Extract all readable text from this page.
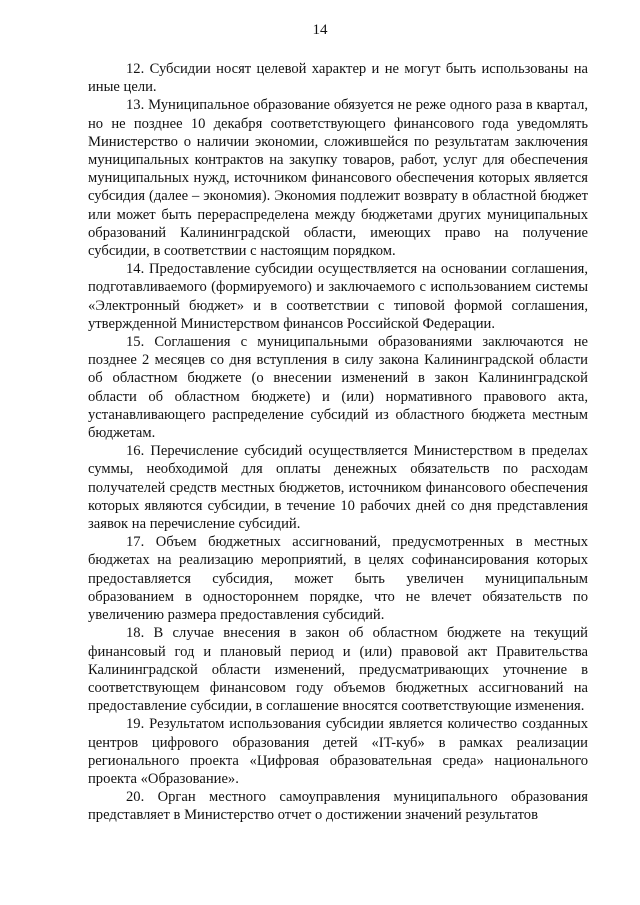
14

12. Субсидии носят целевой характер и не могут быть использованы на иные цели.

13. Муниципальное образование обязуется не реже одного раза в квартал, но не позднее 10 декабря соответствующего финансового года уведомлять Министерство о наличии экономии, сложившейся по результатам заключения муниципальных контрактов на закупку товаров, работ, услуг для обеспечения муниципальных нужд, источником финансового обеспечения которых является субсидия (далее – экономия). Экономия подлежит возврату в областной бюджет или может быть перераспределена между бюджетами других муниципальных образований Калининградской области, имеющих право на получение субсидии, в соответствии с настоящим порядком.

14. Предоставление субсидии осуществляется на основании соглашения, подготавливаемого (формируемого) и заключаемого с использованием системы «Электронный бюджет» и в соответствии с типовой формой соглашения, утвержденной Министерством финансов Российской Федерации.

15. Соглашения с муниципальными образованиями заключаются не позднее 2 месяцев со дня вступления в силу закона Калининградской области об областном бюджете (о внесении изменений в закон Калининградской области об областном бюджете) и (или) нормативного правового акта, устанавливающего распределение субсидий из областного бюджета местным бюджетам.

16. Перечисление субсидий осуществляется Министерством в пределах суммы, необходимой для оплаты денежных обязательств по расходам получателей средств местных бюджетов, источником финансового обеспечения которых являются субсидии, в течение 10 рабочих дней со дня представления заявок на перечисление субсидий.

17. Объем бюджетных ассигнований, предусмотренных в местных бюджетах на реализацию мероприятий, в целях софинансирования которых предоставляется субсидия, может быть увеличен муниципальным образованием в одностороннем порядке, что не влечет обязательств по увеличению размера предоставления субсидий.

18. В случае внесения в закон об областном бюджете на текущий финансовый год и плановый период и (или) правовой акт Правительства Калининградской области изменений, предусматривающих уточнение в соответствующем финансовом году объемов бюджетных ассигнований на предоставление субсидии, в соглашение вносятся соответствующие изменения.

19. Результатом использования субсидии является количество созданных центров цифрового образования детей «IT-куб» в рамках реализации регионального проекта «Цифровая образовательная среда» национального проекта «Образование».

20. Орган местного самоуправления муниципального образования представляет в Министерство отчет о достижении значений результатов
